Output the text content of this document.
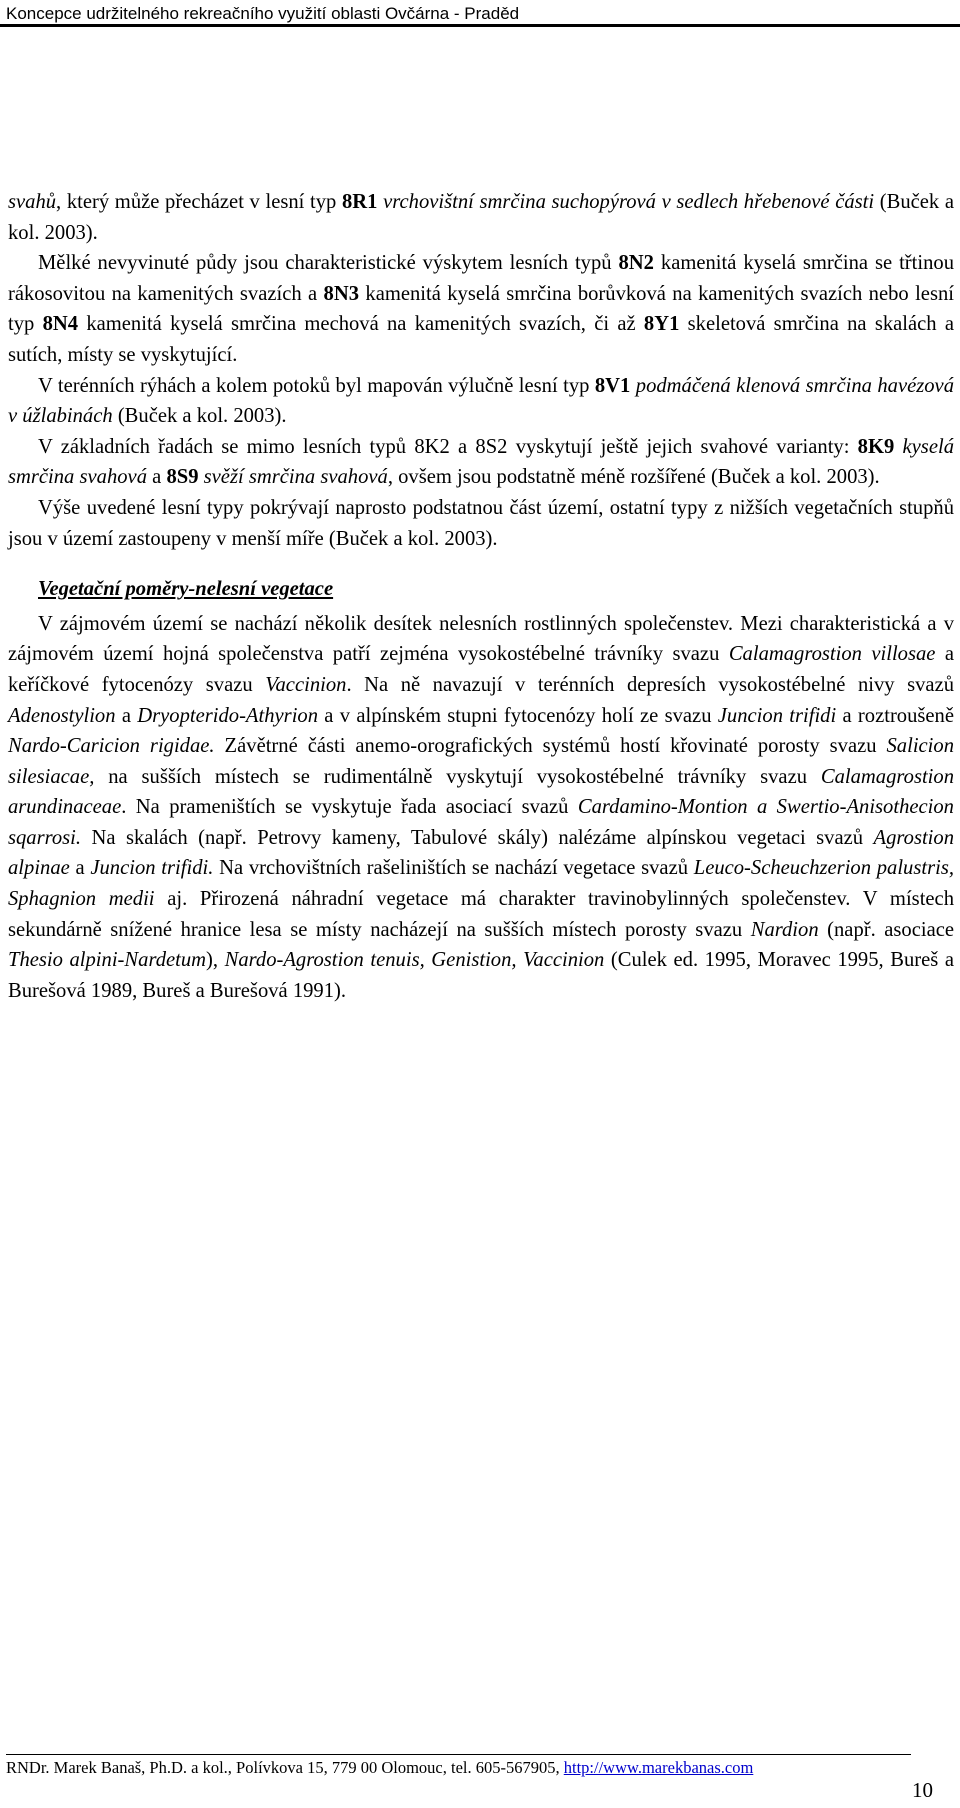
Koncepce udržitelného rekreačního využití oblasti Ovčárna - Praděd

svahů, který může přecházet v lesní typ 8R1 vrchovištní smrčina suchopýrová v sedlech hřebenové části (Buček a kol. 2003).

Mělké nevyvinuté půdy jsou charakteristické výskytem lesních typů 8N2 kamenitá kyselá smrčina se třtinou rákosovitou na kamenitých svazích a 8N3 kamenitá kyselá smrčina borůvková na kamenitých svazích nebo lesní typ 8N4 kamenitá kyselá smrčina mechová na kamenitých svazích, či až 8Y1 skeletová smrčina na skalách a sutích, místy se vyskytující.

V terénních rýhách a kolem potoků byl mapován výlučně lesní typ 8V1 podmáčená klenová smrčina havézová v úžlabinách (Buček a kol. 2003).

V základních řadách se mimo lesních typů 8K2 a 8S2 vyskytují ještě jejich svahové varianty: 8K9 kyselá smrčina svahová a 8S9 svěží smrčina svahová, ovšem jsou podstatně méně rozšířené (Buček a kol. 2003).

Výše uvedené lesní typy pokrývají naprosto podstatnou část území, ostatní typy z nižších vegetačních stupňů jsou v území zastoupeny v menší míře (Buček a kol. 2003).

Vegetační poměry-nelesní vegetace

V zájmovém území se nachází několik desítek nelesních rostlinných společenstev. Mezi charakteristická a v zájmovém území hojná společenstva patří zejména vysokostébelné trávníky svazu Calamagrostion villosae a keříčkové fytocenózy svazu Vaccinion. Na ně navazují v terénních depresích vysokostébelné nivy svazů Adenostylion a Dryopterido-Athyrion a v alpínském stupni fytocenózy holí ze svazu Juncion trifidi a roztroušeně Nardo-Caricion rigidae. Závětrné části anemo-orografických systémů hostí křovinaté porosty svazu Salicion silesiacae, na sušších místech se rudimentálně vyskytují vysokostébelné trávníky svazu Calamagrostion arundinaceae. Na prameništích se vyskytuje řada asociací svazů Cardamino-Montion a Swertio-Anisothecion sqarrosi. Na skalách (např. Petrovy kameny, Tabulové skály) nalézáme alpínskou vegetaci svazů Agrostion alpinae a Juncion trifidi. Na vrchovištních rašeliništích se nachází vegetace svazů Leuco-Scheuchzerion palustris, Sphagnion medii aj. Přirozená náhradní vegetace má charakter travinobylinných společenstev. V místech sekundárně snížené hranice lesa se místy nacházejí na sušších místech porosty svazu Nardion (např. asociace Thesio alpini-Nardetum), Nardo-Agrostion tenuis, Genistion, Vaccinion (Culek ed. 1995, Moravec 1995, Bureš a Burešová 1989, Bureš a Burešová 1991).

RNDr. Marek Banaš, Ph.D. a kol., Polívkova 15, 779 00 Olomouc, tel. 605-567905, http://www.marekbanas.com
10
